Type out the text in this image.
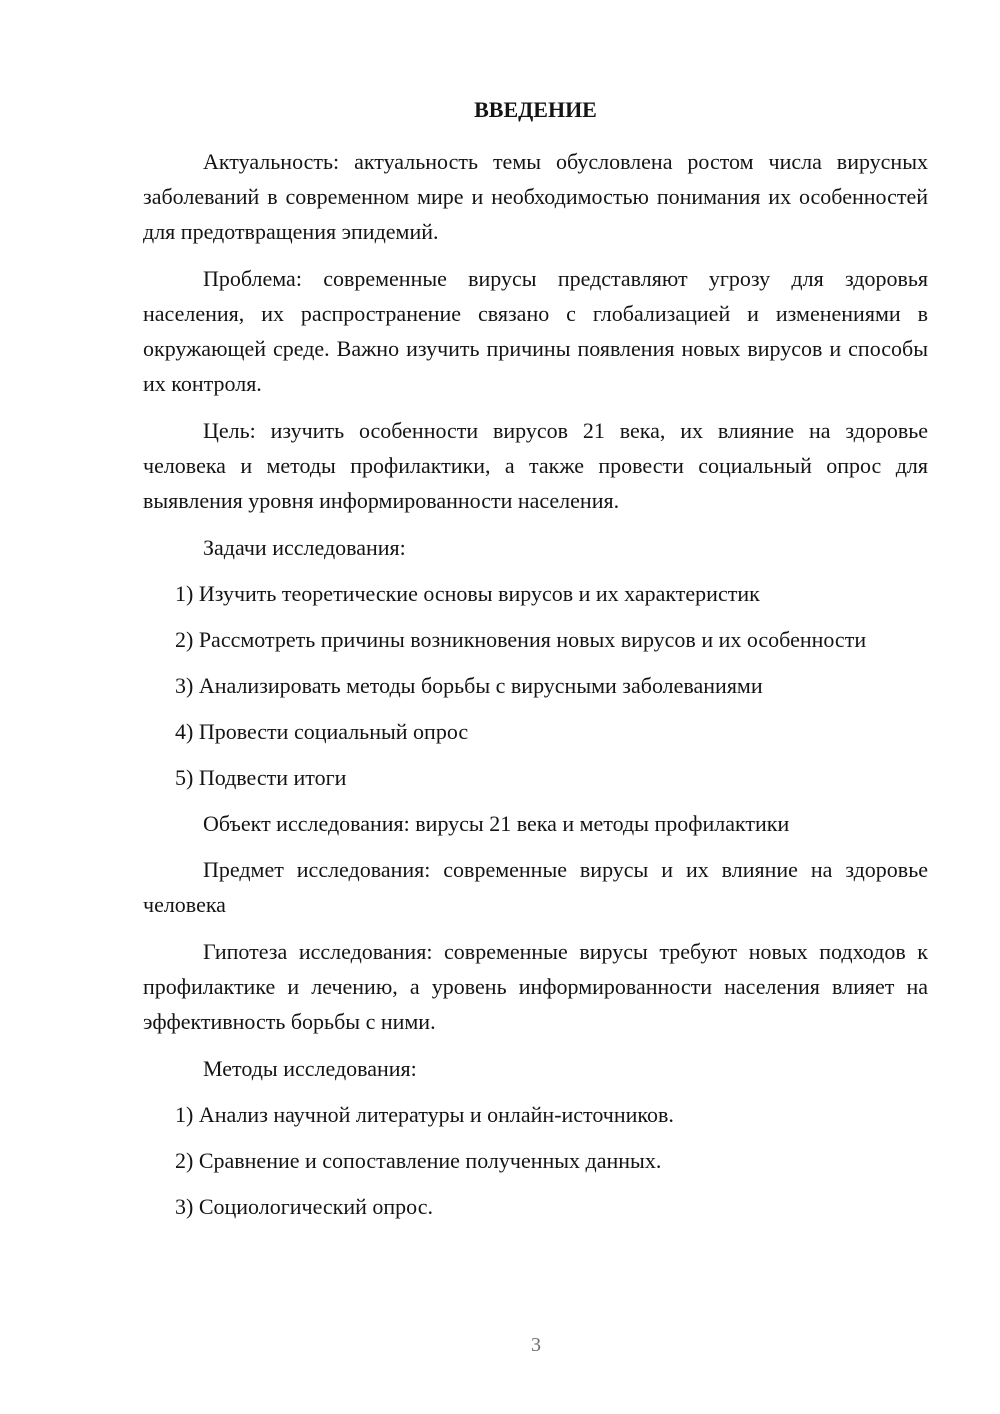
ВВЕДЕНИЕ

Актуальность: актуальность темы обусловлена ростом числа вирусных заболеваний в современном мире и необходимостью понимания их особенностей для предотвращения эпидемий.

Проблема: современные вирусы представляют угрозу для здоровья населения, их распространение связано с глобализацией и изменениями в окружающей среде. Важно изучить причины появления новых вирусов и способы их контроля.

Цель: изучить особенности вирусов 21 века, их влияние на здоровье человека и методы профилактики, а также провести социальный опрос для выявления уровня информированности населения.

Задачи исследования:

1) Изучить теоретические основы вирусов и их характеристик

2) Рассмотреть причины возникновения новых вирусов и их особенности

3) Анализировать методы борьбы с вирусными заболеваниями

4) Провести социальный опрос

5) Подвести итоги

Объект исследования: вирусы 21 века и методы профилактики

Предмет исследования: современные вирусы и их влияние на здоровье человека

Гипотеза исследования: современные вирусы требуют новых подходов к профилактике и лечению, а уровень информированности населения влияет на эффективность борьбы с ними.

Методы исследования:

1) Анализ научной литературы и онлайн-источников.

2) Сравнение и сопоставление полученных данных.

3) Социологический опрос.

3
